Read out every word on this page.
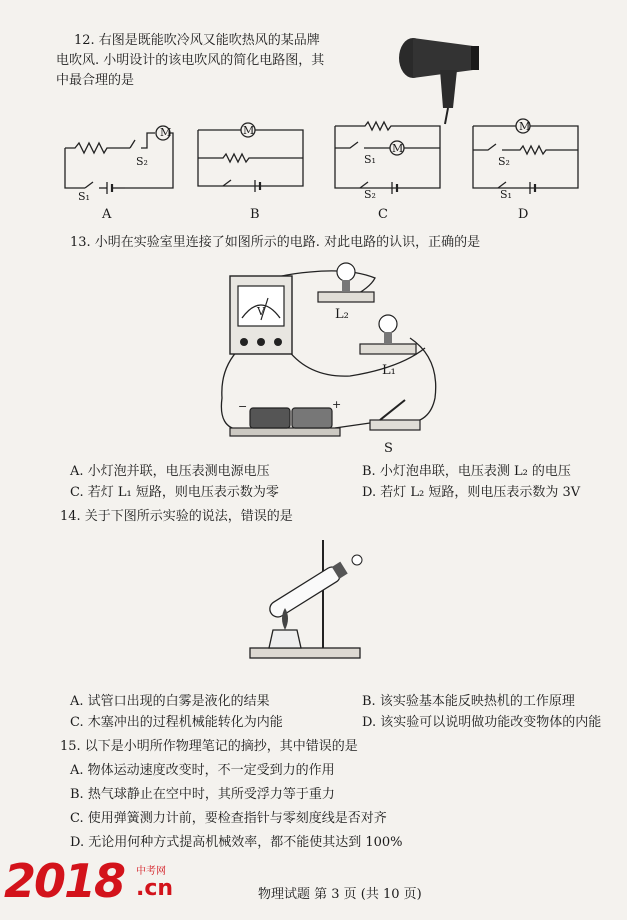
12. 右图是既能吹冷风又能吹热风的某品牌
电吹风. 小明设计的该电吹风的简化电路图，其
中最合理的是
M
S₂
S₁
A
M
B
M
S₁
S₂
C
M
S₂
S₁
D
13. 小明在实验室里连接了如图所示的电路. 对此电路的认识，正确的是
−	+
V	L₂
L₁
S
A. 小灯泡并联，电压表测电源电压	B. 小灯泡串联，电压表测 L₂ 的电压
C. 若灯 L₁ 短路，则电压表示数为零	D. 若灯 L₂ 短路，则电压表示数为 3V
14. 关于下图所示实验的说法，错误的是
A. 试管口出现的白雾是液化的结果	B. 该实验基本能反映热机的工作原理
C. 木塞冲出的过程机械能转化为内能	D. 该实验可以说明做功能改变物体的内能
15. 以下是小明所作物理笔记的摘抄，其中错误的是
A. 物体运动速度改变时，不一定受到力的作用
B. 热气球静止在空中时，其所受浮力等于重力
C. 使用弹簧测力计前，要检查指针与零刻度线是否对齐
D. 无论用何种方式提高机械效率，都不能使其达到 100%
2018 中考网
.cn	物理试题 第 3 页 (共 10 页)
